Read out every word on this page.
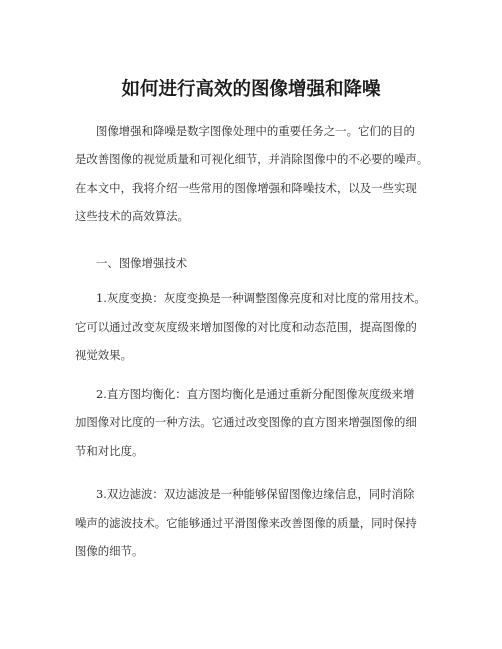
如何进行高效的图像增强和降噪
图像增强和降噪是数字图像处理中的重要任务之一。它们的目的
是改善图像的视觉质量和可视化细节，并消除图像中的不必要的噪声。
在本文中，我将介绍一些常用的图像增强和降噪技术，以及一些实现
这些技术的高效算法。
一、图像增强技术
1.灰度变换：灰度变换是一种调整图像亮度和对比度的常用技术。
它可以通过改变灰度级来增加图像的对比度和动态范围，提高图像的
视觉效果。
2.直方图均衡化：直方图均衡化是通过重新分配图像灰度级来增
加图像对比度的一种方法。它通过改变图像的直方图来增强图像的细
节和对比度。
3.双边滤波：双边滤波是一种能够保留图像边缘信息，同时消除
噪声的滤波技术。它能够通过平滑图像来改善图像的质量，同时保持
图像的细节。
